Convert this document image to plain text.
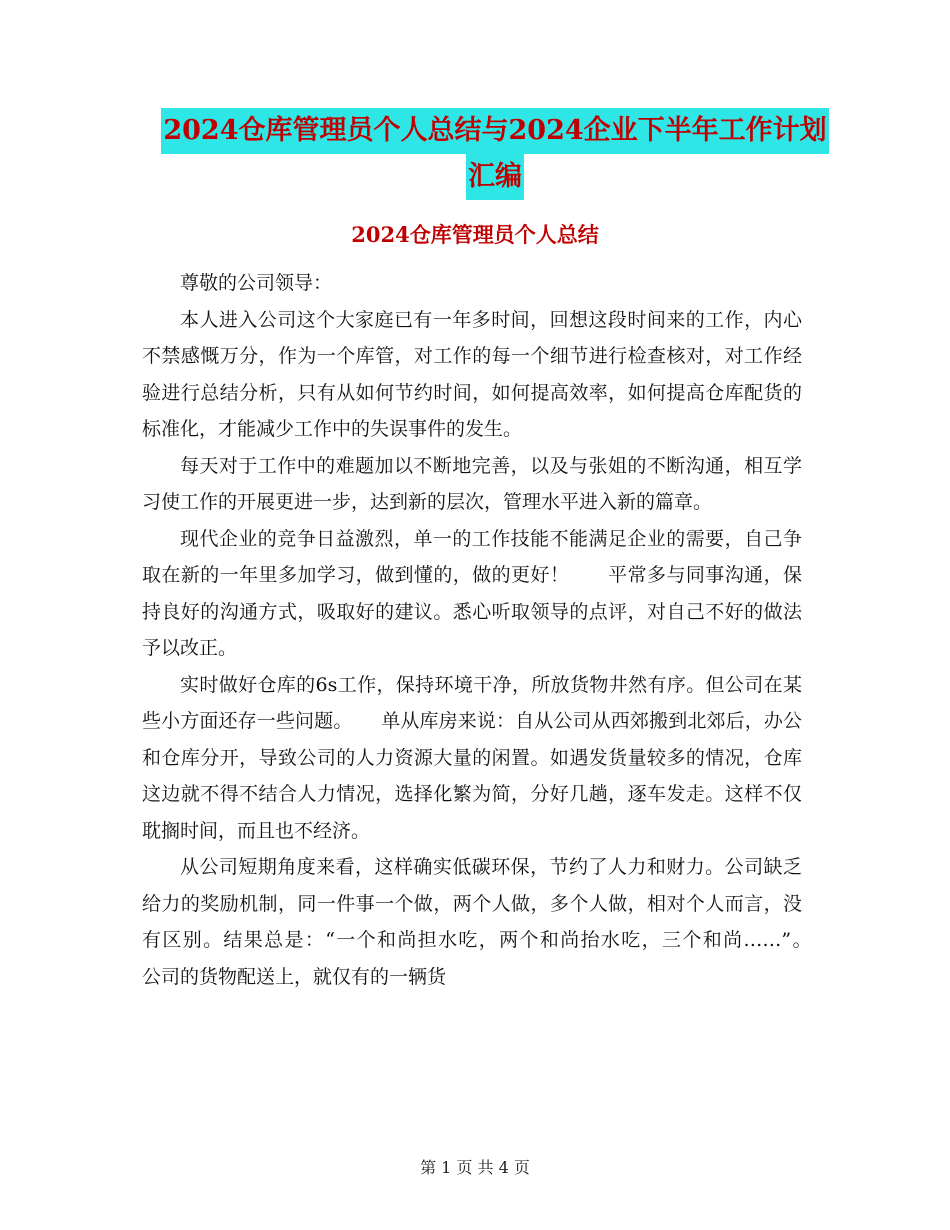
2024仓库管理员个人总结与2024企业下半年工作计划
汇编
2024仓库管理员个人总结

尊敬的公司领导：

本人进入公司这个大家庭已有一年多时间，回想这段时间来的工作，内心不禁感慨万分，作为一个库管，对工作的每一个细节进行检查核对，对工作经验进行总结分析，只有从如何节约时间，如何提高效率，如何提高仓库配货的标准化，才能减少工作中的失误事件的发生。

每天对于工作中的难题加以不断地完善，以及与张姐的不断沟通，相互学习使工作的开展更进一步，达到新的层次，管理水平进入新的篇章。

现代企业的竞争日益激烈，单一的工作技能不能满足企业的需要，自己争取在新的一年里多加学习，做到懂的，做的更好！　　平常多与同事沟通，保持良好的沟通方式，吸取好的建议。悉心听取领导的点评，对自己不好的做法予以改正。

实时做好仓库的6s工作，保持环境干净，所放货物井然有序。但公司在某些小方面还存一些问题。　　单从库房来说：自从公司从西郊搬到北郊后，办公和仓库分开，导致公司的人力资源大量的闲置。如遇发货量较多的情况，仓库这边就不得不结合人力情况，选择化繁为简，分好几趟，逐车发走。这样不仅耽搁时间，而且也不经济。

从公司短期角度来看，这样确实低碳环保，节约了人力和财力。公司缺乏给力的奖励机制，同一件事一个做，两个人做，多个人做，相对个人而言，没有区别。结果总是：“一个和尚担水吃，两个和尚抬水吃，三个和尚……”。　　公司的货物配送上，就仅有的一辆货

第 1 页 共 4 页
